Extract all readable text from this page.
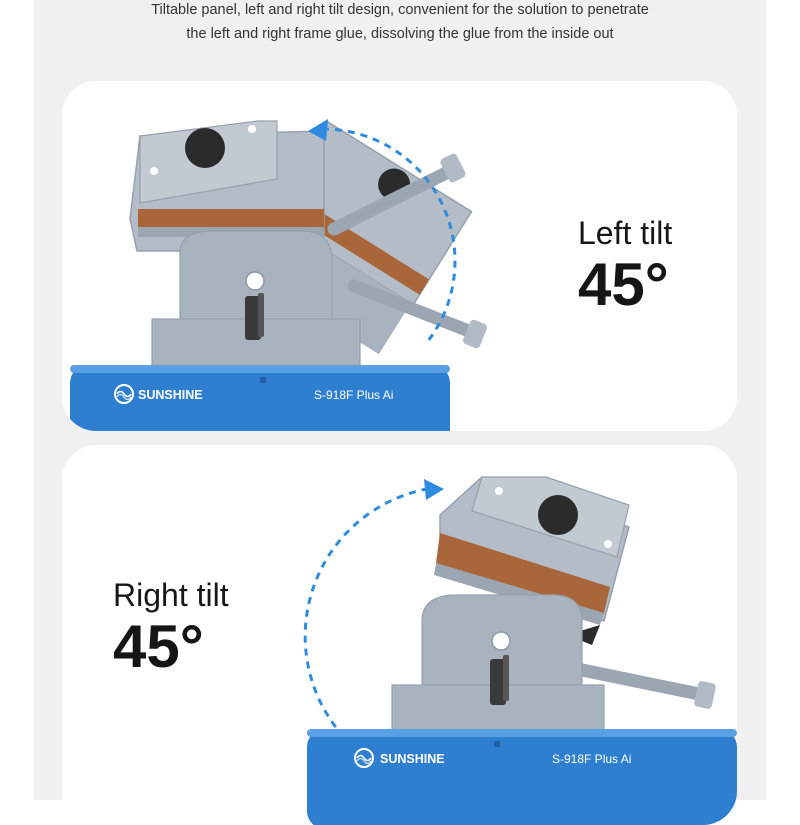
Tiltable panel, left and right tilt design, convenient for the solution to penetrate
the left and right frame glue, dissolving the glue from the inside out
SUNSHINE	S-918F Plus Ai
Left tilt
45°
Right tilt
45°
SUNSHINE	S-918F Plus Ai
